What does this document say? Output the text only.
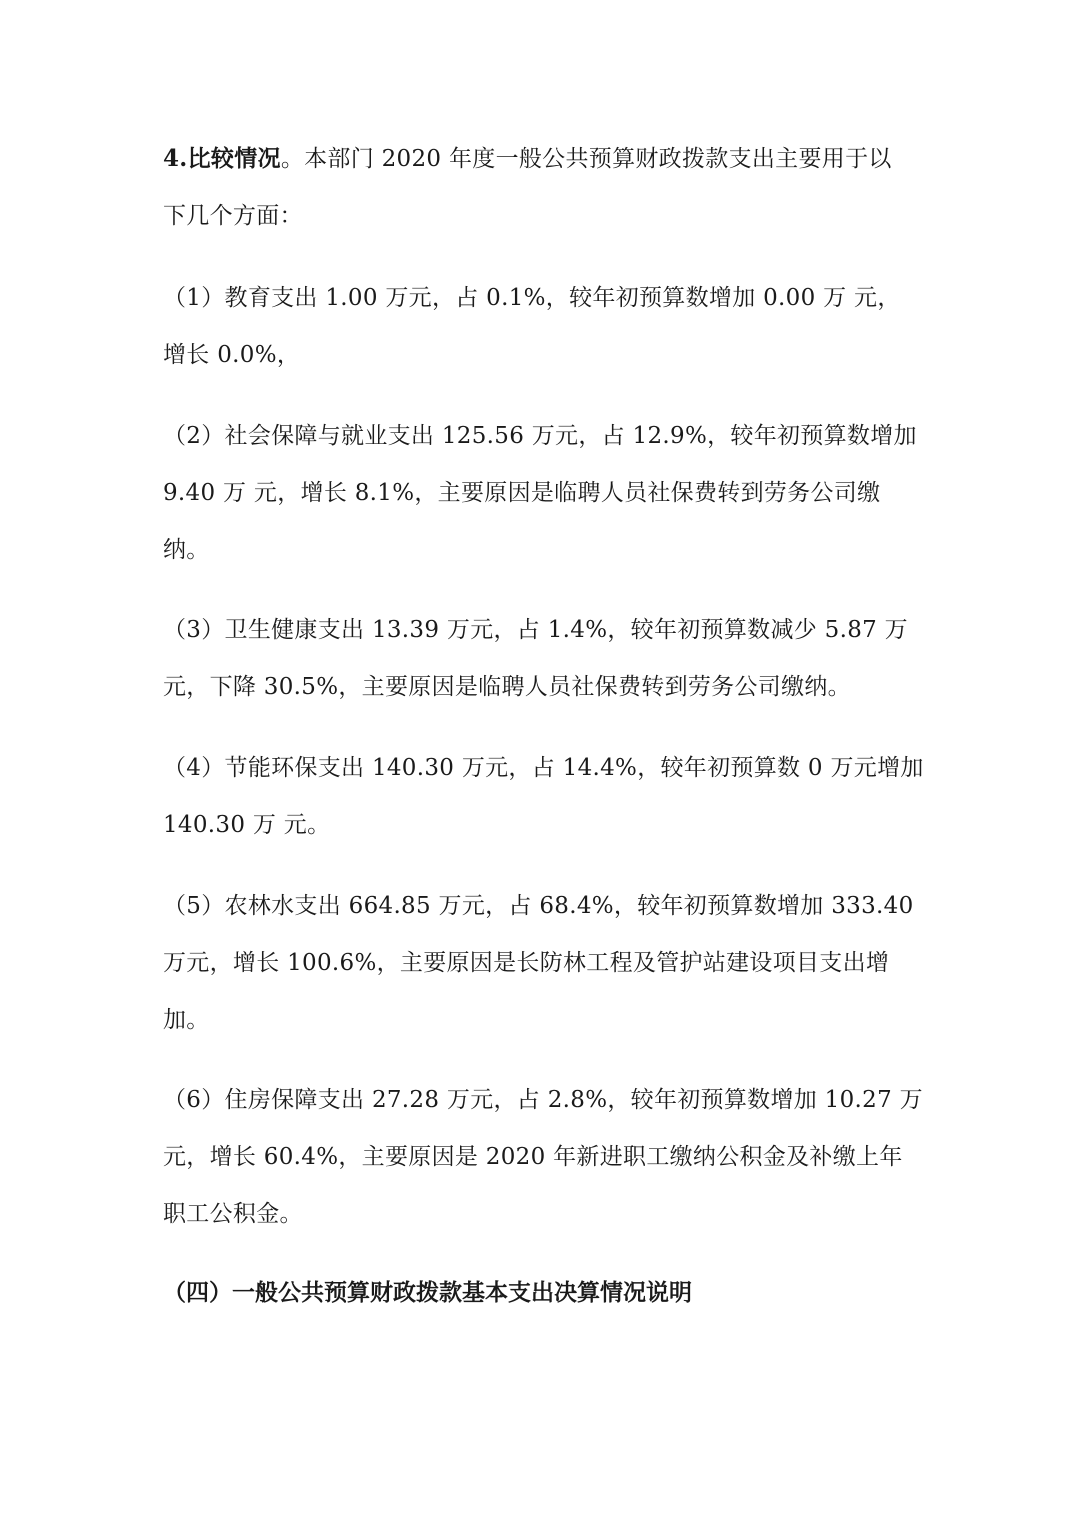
4.比较情况。本部门 2020 年度一般公共预算财政拨款支出主要用于以
下几个方面：
（1）教育支出 1.00 万元，占 0.1%，较年初预算数增加 0.00 万 元，
增长 0.0%，
（2）社会保障与就业支出 125.56 万元，占 12.9%，较年初预算数增加
9.40 万 元，增长 8.1%，主要原因是临聘人员社保费转到劳务公司缴
纳。
（3）卫生健康支出 13.39 万元，占 1.4%，较年初预算数减少 5.87 万
元，下降 30.5%，主要原因是临聘人员社保费转到劳务公司缴纳。
（4）节能环保支出 140.30 万元，占 14.4%，较年初预算数 0 万元增加
140.30 万 元。
（5）农林水支出 664.85 万元，占 68.4%，较年初预算数增加 333.40
万元，增长 100.6%，主要原因是长防林工程及管护站建设项目支出增
加。
（6）住房保障支出 27.28 万元，占 2.8%，较年初预算数增加 10.27 万
元，增长 60.4%，主要原因是 2020 年新进职工缴纳公积金及补缴上年
职工公积金。
（四）一般公共预算财政拨款基本支出决算情况说明
